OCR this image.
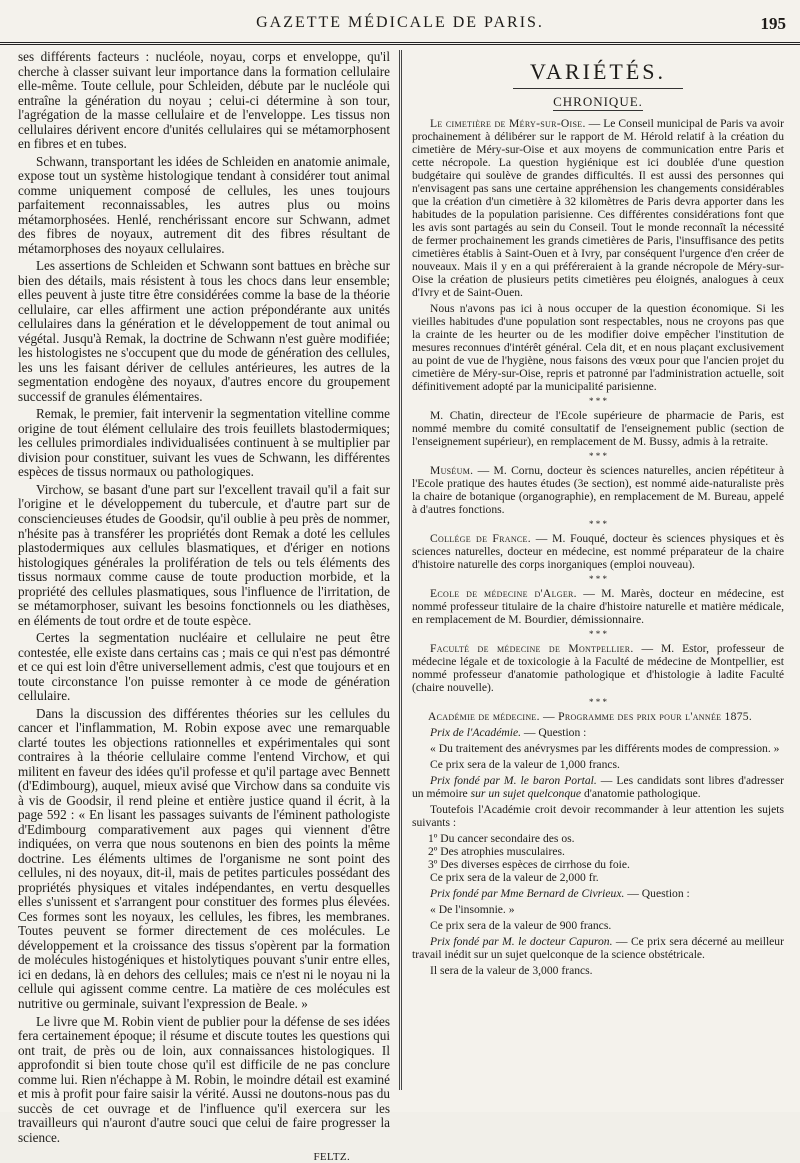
GAZETTE MÉDICALE DE PARIS.	195

ses différents facteurs : nucléole, noyau, corps et enveloppe, qu'il cherche à classer suivant leur importance dans la formation cellulaire elle-même. Toute cellule, pour Schleiden, débute par le nucléole qui entraîne la génération du noyau ; celui-ci détermine à son tour, l'agrégation de la masse cellulaire et de l'enveloppe. Les tissus non cellulaires dérivent encore d'unités cellulaires qui se métamorphosent en fibres et en tubes.

Schwann, transportant les idées de Schleiden en anatomie animale, expose tout un système histologique tendant à considérer tout animal comme uniquement composé de cellules, les unes toujours parfaitement reconnaissables, les autres plus ou moins métamorphosées. Henlé, renchérissant encore sur Schwann, admet des fibres de noyaux, autrement dit des fibres résultant de métamorphoses des noyaux cellulaires.

Les assertions de Schleiden et Schwann sont battues en brèche sur bien des détails, mais résistent à tous les chocs dans leur ensemble; elles peuvent à juste titre être considérées comme la base de la théorie cellulaire, car elles affirment une action prépondérante aux unités cellulaires dans la génération et le développement de tout animal ou végétal. Jusqu'à Remak, la doctrine de Schwann n'est guère modifiée; les histologistes ne s'occupent que du mode de génération des cellules, les uns les faisant dériver de cellules antérieures, les autres de la segmentation endogène des noyaux, d'autres encore du groupement successif de granules élémentaires.

Remak, le premier, fait intervenir la segmentation vitelline comme origine de tout élément cellulaire des trois feuillets blastodermiques; les cellules primordiales individualisées continuent à se multiplier par division pour constituer, suivant les vues de Schwann, les différentes espèces de tissus normaux ou pathologiques.

Virchow, se basant d'une part sur l'excellent travail qu'il a fait sur l'origine et le développement du tubercule, et d'autre part sur de consciencieuses études de Goodsir, qu'il oublie à peu près de nommer, n'hésite pas à transférer les propriétés dont Remak a doté les cellules plastodermiques aux cellules blasmatiques, et d'ériger en notions histologiques générales la prolifération de tels ou tels éléments des tissus normaux comme cause de toute production morbide, et la propriété des cellules plasmatiques, sous l'influence de l'irritation, de se métamorphoser, suivant les besoins fonctionnels ou les diathèses, en éléments de tout ordre et de toute espèce.

Certes la segmentation nucléaire et cellulaire ne peut être contestée, elle existe dans certains cas ; mais ce qui n'est pas démontré et ce qui est loin d'être universellement admis, c'est que toujours et en toute circonstance l'on puisse remonter à ce mode de génération cellulaire.

Dans la discussion des différentes théories sur les cellules du cancer et l'inflammation, M. Robin expose avec une remarquable clarté toutes les objections rationnelles et expérimentales qui sont contraires à la théorie cellulaire comme l'entend Virchow, et qui militent en faveur des idées qu'il professe et qu'il partage avec Bennett (d'Edimbourg), auquel, mieux avisé que Virchow dans sa conduite vis à vis de Goodsir, il rend pleine et entière justice quand il écrit, à la page 592 : « En lisant les passages suivants de l'éminent pathologiste d'Edimbourg comparativement aux pages qui viennent d'être indiquées, on verra que nous soutenons en bien des points la même doctrine. Les éléments ultimes de l'organisme ne sont point des cellules, ni des noyaux, dit-il, mais de petites particules possédant des propriétés physiques et vitales indépendantes, en vertu desquelles elles s'unissent et s'arrangent pour constituer des formes plus élevées. Ces formes sont les noyaux, les cellules, les fibres, les membranes. Toutes peuvent se former directement de ces molécules. Le développement et la croissance des tissus s'opèrent par la formation de molécules histogéniques et histolytiques pouvant s'unir entre elles, ici en dedans, là en dehors des cellules; mais ce n'est ni le noyau ni la cellule qui agissent comme centre. La matière de ces molécules est nutritive ou germinale, suivant l'expression de Beale. »

Le livre que M. Robin vient de publier pour la défense de ses idées fera certainement époque; il résume et discute toutes les questions qui ont trait, de près ou de loin, aux connaissances histologiques. Il approfondit si bien toute chose qu'il est difficile de ne pas conclure comme lui. Rien n'échappe à M. Robin, le moindre détail est examiné et mis à profit pour faire saisir la vérité. Aussi ne doutons-nous pas du succès de cet ouvrage et de l'influence qu'il exercera sur les travailleurs qui n'auront d'autre souci que celui de faire progresser la science.

FELTZ.
VARIÉTÉS.
CHRONIQUE.

Le cimetière de Méry-sur-Oise. — Le Conseil municipal de Paris va avoir prochainement à délibérer sur le rapport de M. Hérold relatif à la création du cimetière de Méry-sur-Oise et aux moyens de communication entre Paris et cette nécropole. La question hygiénique est ici doublée d'une question budgétaire qui soulève de grandes difficultés. Il est aussi des personnes qui n'envisagent pas sans une certaine appréhension les changements considérables que la création d'un cimetière à 32 kilomètres de Paris devra apporter dans les habitudes de la population parisienne. Ces différentes considérations font que les avis sont partagés au sein du Conseil. Tout le monde reconnaît la nécessité de fermer prochainement les grands cimetières de Paris, l'insuffisance des petits cimetières établis à Saint-Ouen et à Ivry, par conséquent l'urgence d'en créer de nouveaux. Mais il y en a qui préféreraient à la grande nécropole de Méry-sur-Oise la création de plusieurs petits cimetières peu éloignés, analogues à ceux d'Ivry et de Saint-Ouen.

Nous n'avons pas ici à nous occuper de la question économique. Si les vieilles habitudes d'une population sont respectables, nous ne croyons pas que la crainte de les heurter ou de les modifier doive empêcher l'institution de mesures reconnues d'intérêt général. Cela dit, et en nous plaçant exclusivement au point de vue de l'hygiène, nous faisons des vœux pour que l'ancien projet du cimetière de Méry-sur-Oise, repris et patronné par l'administration actuelle, soit définitivement adopté par la municipalité parisienne.

* * *

M. Chatin, directeur de l'Ecole supérieure de pharmacie de Paris, est nommé membre du comité consultatif de l'enseignement public (section de l'enseignement supérieur), en remplacement de M. Bussy, admis à la retraite.

* * *

Muséum. — M. Cornu, docteur ès sciences naturelles, ancien répétiteur à l'Ecole pratique des hautes études (3e section), est nommé aide-naturaliste près la chaire de botanique (organographie), en remplacement de M. Bureau, appelé à d'autres fonctions.

* * *

Collége de France. — M. Fouqué, docteur ès sciences physiques et ès sciences naturelles, docteur en médecine, est nommé préparateur de la chaire d'histoire naturelle des corps inorganiques (emploi nouveau).

* * *

Ecole de médecine d'Alger. — M. Marès, docteur en médecine, est nommé professeur titulaire de la chaire d'histoire naturelle et matière médicale, en remplacement de M. Bourdier, démissionnaire.

* * *

Faculté de médecine de Montpellier. — M. Estor, professeur de médecine légale et de toxicologie à la Faculté de médecine de Montpellier, est nommé professeur d'anatomie pathologique et d'histologie à ladite Faculté (chaire nouvelle).

* * *

Académie de médecine. — Programme des prix pour l'année 1875.

Prix de l'Académie. — Question :

« Du traitement des anévrysmes par les différents modes de compression. »

Ce prix sera de la valeur de 1,000 francs.

Prix fondé par M. le baron Portal. — Les candidats sont libres d'adresser un mémoire sur un sujet quelconque d'anatomie pathologique.

Toutefois l'Académie croit devoir recommander à leur attention les sujets suivants :

1º Du cancer secondaire des os.
2º Des atrophies musculaires.
3º Des diverses espèces de cirrhose du foie.

Ce prix sera de la valeur de 2,000 fr.

Prix fondé par Mme Bernard de Civrieux. — Question :

« De l'insomnie. »

Ce prix sera de la valeur de 900 francs.

Prix fondé par M. le docteur Capuron. — Ce prix sera décerné au meilleur travail inédit sur un sujet quelconque de la science obstétricale.

Il sera de la valeur de 3,000 francs.
